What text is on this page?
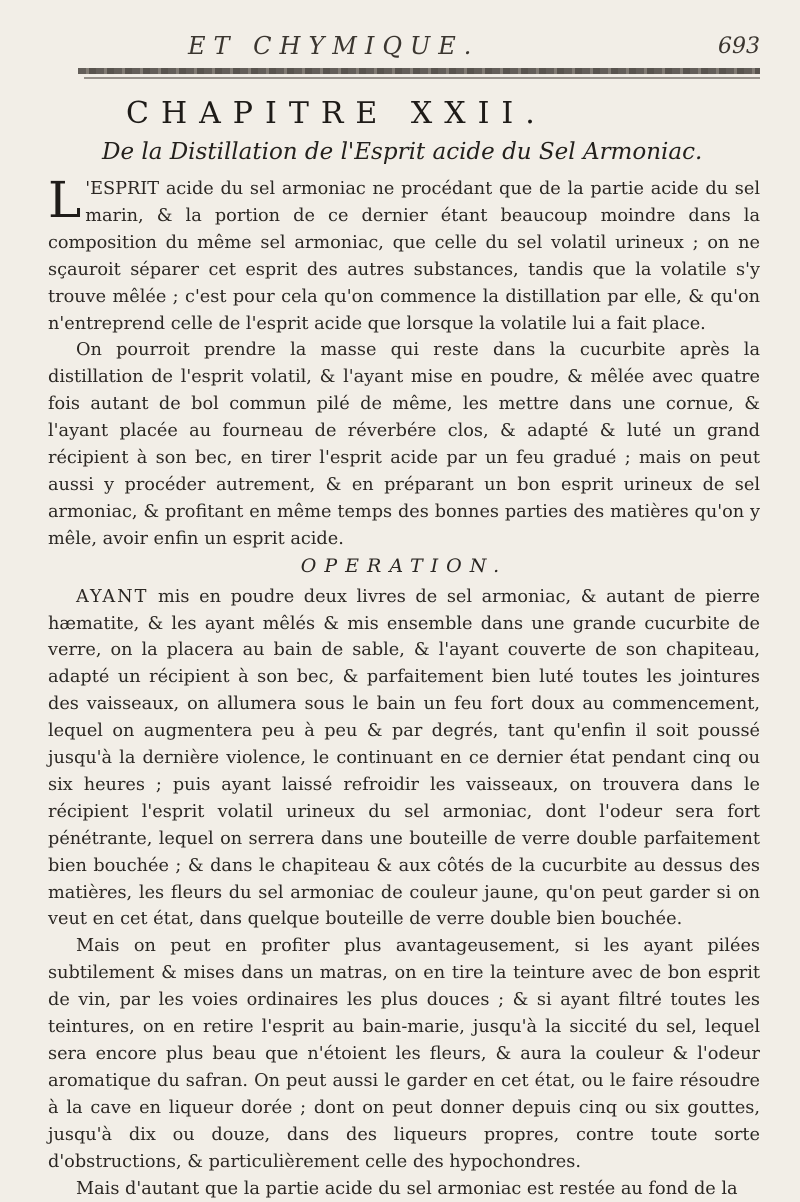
ET CHYMIQUE.	693
CHAPITRE XXII.
De la Distillation de l'Esprit acide du Sel Armoniac.

L 'ESPRIT acide du sel armoniac ne procédant que de la partie acide du sel marin, & la portion de ce dernier étant beaucoup moindre dans la composition du même sel armoniac, que celle du sel volatil urineux ; on ne sçauroit séparer cet esprit des autres substances, tandis que la volatile s'y trouve mêlée ; c'est pour cela qu'on commence la distillation par elle, & qu'on n'entreprend celle de l'esprit acide que lorsque la volatile lui a fait place.

On pourroit prendre la masse qui reste dans la cucurbite après la distillation de l'esprit volatil, & l'ayant mise en poudre, & mêlée avec quatre fois autant de bol commun pilé de même, les mettre dans une cornue, & l'ayant placée au fourneau de réverbére clos, & adapté & luté un grand récipient à son bec, en tirer l'esprit acide par un feu gradué ; mais on peut aussi y procéder autrement, & en préparant un bon esprit urineux de sel armoniac, & profitant en même temps des bonnes parties des matières qu'on y mêle, avoir enfin un esprit acide.

OPERATION.

AYANT mis en poudre deux livres de sel armoniac, & autant de pierre hæmatite, & les ayant mêlés & mis ensemble dans une grande cucurbite de verre, on la placera au bain de sable, & l'ayant couverte de son chapiteau, adapté un récipient à son bec, & parfaitement bien luté toutes les jointures des vaisseaux, on allumera sous le bain un feu fort doux au commencement, lequel on augmentera peu à peu & par degrés, tant qu'enfin il soit poussé jusqu'à la dernière violence, le continuant en ce dernier état pendant cinq ou six heures ; puis ayant laissé refroidir les vaisseaux, on trouvera dans le récipient l'esprit volatil urineux du sel armoniac, dont l'odeur sera fort pénétrante, lequel on serrera dans une bouteille de verre double parfaitement bien bouchée ; & dans le chapiteau & aux côtés de la cucurbite au dessus des matières, les fleurs du sel armoniac de couleur jaune, qu'on peut garder si on veut en cet état, dans quelque bouteille de verre double bien bouchée.

Mais on peut en profiter plus avantageusement, si les ayant pilées subtilement & mises dans un matras, on en tire la teinture avec de bon esprit de vin, par les voies ordinaires les plus douces ; & si ayant filtré toutes les teintures, on en retire l'esprit au bain-marie, jusqu'à la siccité du sel, lequel sera encore plus beau que n'étoient les fleurs, & aura la couleur & l'odeur aromatique du safran. On peut aussi le garder en cet état, ou le faire résoudre à la cave en liqueur dorée ; dont on peut donner depuis cinq ou six gouttes, jusqu'à dix ou douze, dans des liqueurs propres, contre toute sorte d'obstructions, & particulièrement celle des hypochondres.

Mais d'autant que la partie acide du sel armoniac est restée au fond de la
